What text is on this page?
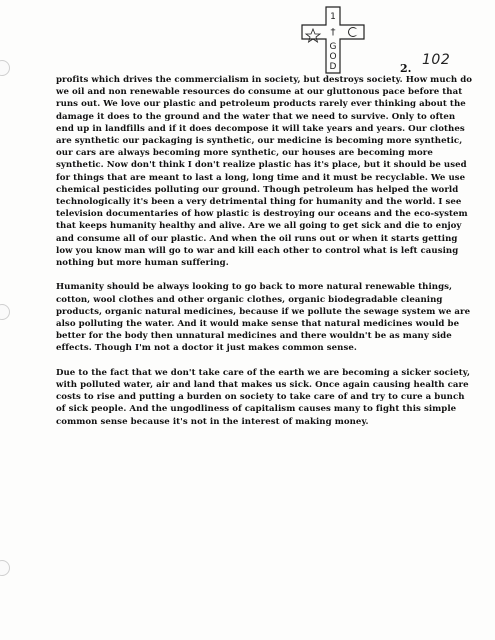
1
†
G
O
D	102
2.

profits which drives the commercialism in society, but destroys society. How much do we oil and non renewable resources do consume at our gluttonous pace before that runs out. We love our plastic and petroleum products rarely ever thinking about the damage it does to the ground and the water that we need to survive. Only to often end up in landfills and if it does decompose it will take years and years. Our clothes are synthetic our packaging is synthetic, our medicine is becoming more synthetic, our cars are always becoming more synthetic, our houses are becoming more synthetic. Now don't think I don't realize plastic has it's place, but it should be used for things that are meant to last a long, long time and it must be recyclable. We use chemical pesticides polluting our ground. Though petroleum has helped the world technologically it's been a very detrimental thing for humanity and the world. I see television documentaries of how plastic is destroying our oceans and the eco-system that keeps humanity healthy and alive. Are we all going to get sick and die to enjoy and consume all of our plastic. And when the oil runs out or when it starts getting low you know man will go to war and kill each other to control what is left causing nothing but more human suffering.

Humanity should be always looking to go back to more natural renewable things, cotton, wool clothes and other organic clothes, organic biodegradable cleaning products, organic natural medicines, because if we pollute the sewage system we are also polluting the water. And it would make sense that natural medicines would be better for the body then unnatural medicines and there wouldn't be as many side effects. Though I'm not a doctor it just makes common sense.

Due to the fact that we don't take care of the earth we are becoming a sicker society, with polluted water, air and land that makes us sick. Once again causing health care costs to rise and putting a burden on society to take care of and try to cure a bunch of sick people. And the ungodliness of capitalism causes many to fight this simple common sense because it's not in the interest of making money.
